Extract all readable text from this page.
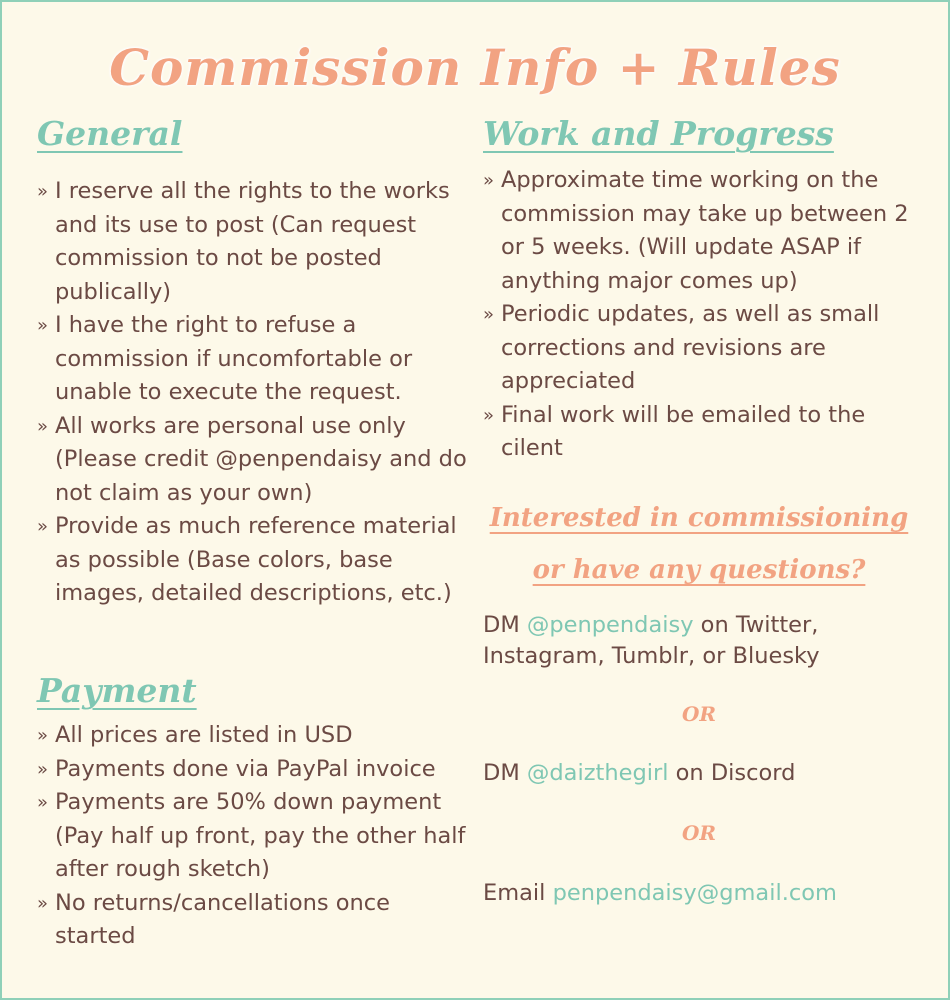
Commission Info + Rules
General
» I reserve all the rights to the works and its use to post (Can request commission to not be posted publically)
» I have the right to refuse a commission if uncomfortable or unable to execute the request.
» All works are personal use only (Please credit @penpendaisy and do not claim as your own)
» Provide as much reference material as possible (Base colors, base images, detailed descriptions, etc.)
Payment
» All prices are listed in USD
» Payments done via PayPal invoice
» Payments are 50% down payment (Pay half up front, pay the other half after rough sketch)
» No returns/cancellations once started
Work and Progress
» Approximate time working on the commission may take up between 2 or 5 weeks. (Will update ASAP if anything major comes up)
» Periodic updates, as well as small corrections and revisions are appreciated
» Final work will be emailed to the cilent
Interested in commissioning
or have any questions?
DM @penpendaisy on Twitter,
Instagram, Tumblr, or Bluesky
OR
DM @daizthegirl on Discord
OR
Email penpendaisy@gmail.com
